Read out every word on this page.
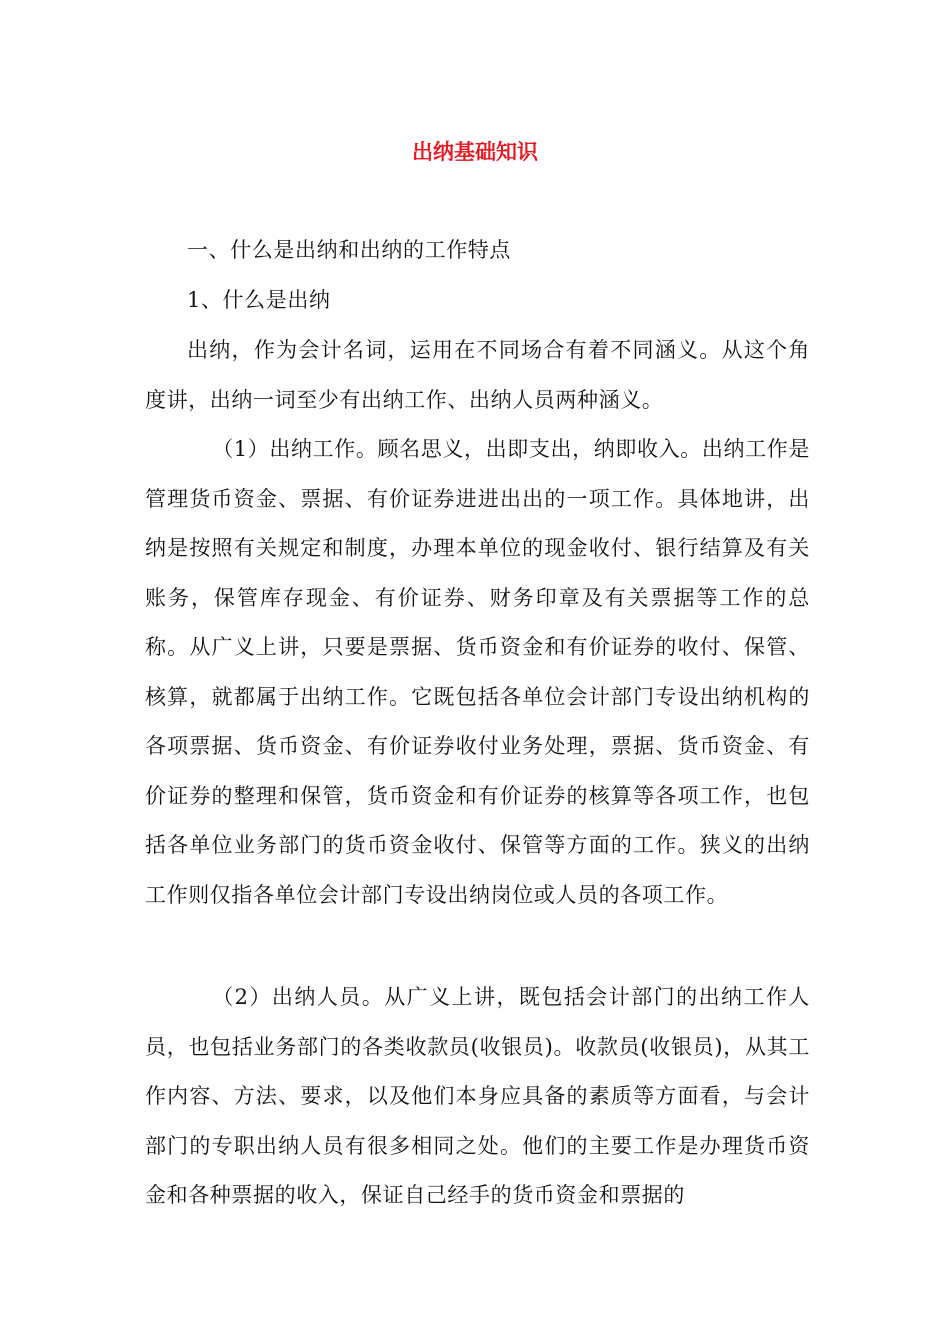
出纳基础知识

一、什么是出纳和出纳的工作特点

1、什么是出纳

出纳，作为会计名词，运用在不同场合有着不同涵义。从这个角度讲，出纳一词至少有出纳工作、出纳人员两种涵义。

（1）出纳工作。顾名思义，出即支出，纳即收入。出纳工作是管理货币资金、票据、有价证券进进出出的一项工作。具体地讲，出纳是按照有关规定和制度，办理本单位的现金收付、银行结算及有关账务，保管库存现金、有价证券、财务印章及有关票据等工作的总称。从广义上讲，只要是票据、货币资金和有价证券的收付、保管、核算，就都属于出纳工作。它既包括各单位会计部门专设出纳机构的各项票据、货币资金、有价证券收付业务处理，票据、货币资金、有价证券的整理和保管，货币资金和有价证券的核算等各项工作，也包括各单位业务部门的货币资金收付、保管等方面的工作。狭义的出纳工作则仅指各单位会计部门专设出纳岗位或人员的各项工作。

（2）出纳人员。从广义上讲，既包括会计部门的出纳工作人员，也包括业务部门的各类收款员(收银员)。收款员(收银员)，从其工作内容、方法、要求，以及他们本身应具备的素质等方面看，与会计部门的专职出纳人员有很多相同之处。他们的主要工作是办理货币资金和各种票据的收入，保证自己经手的货币资金和票据的
